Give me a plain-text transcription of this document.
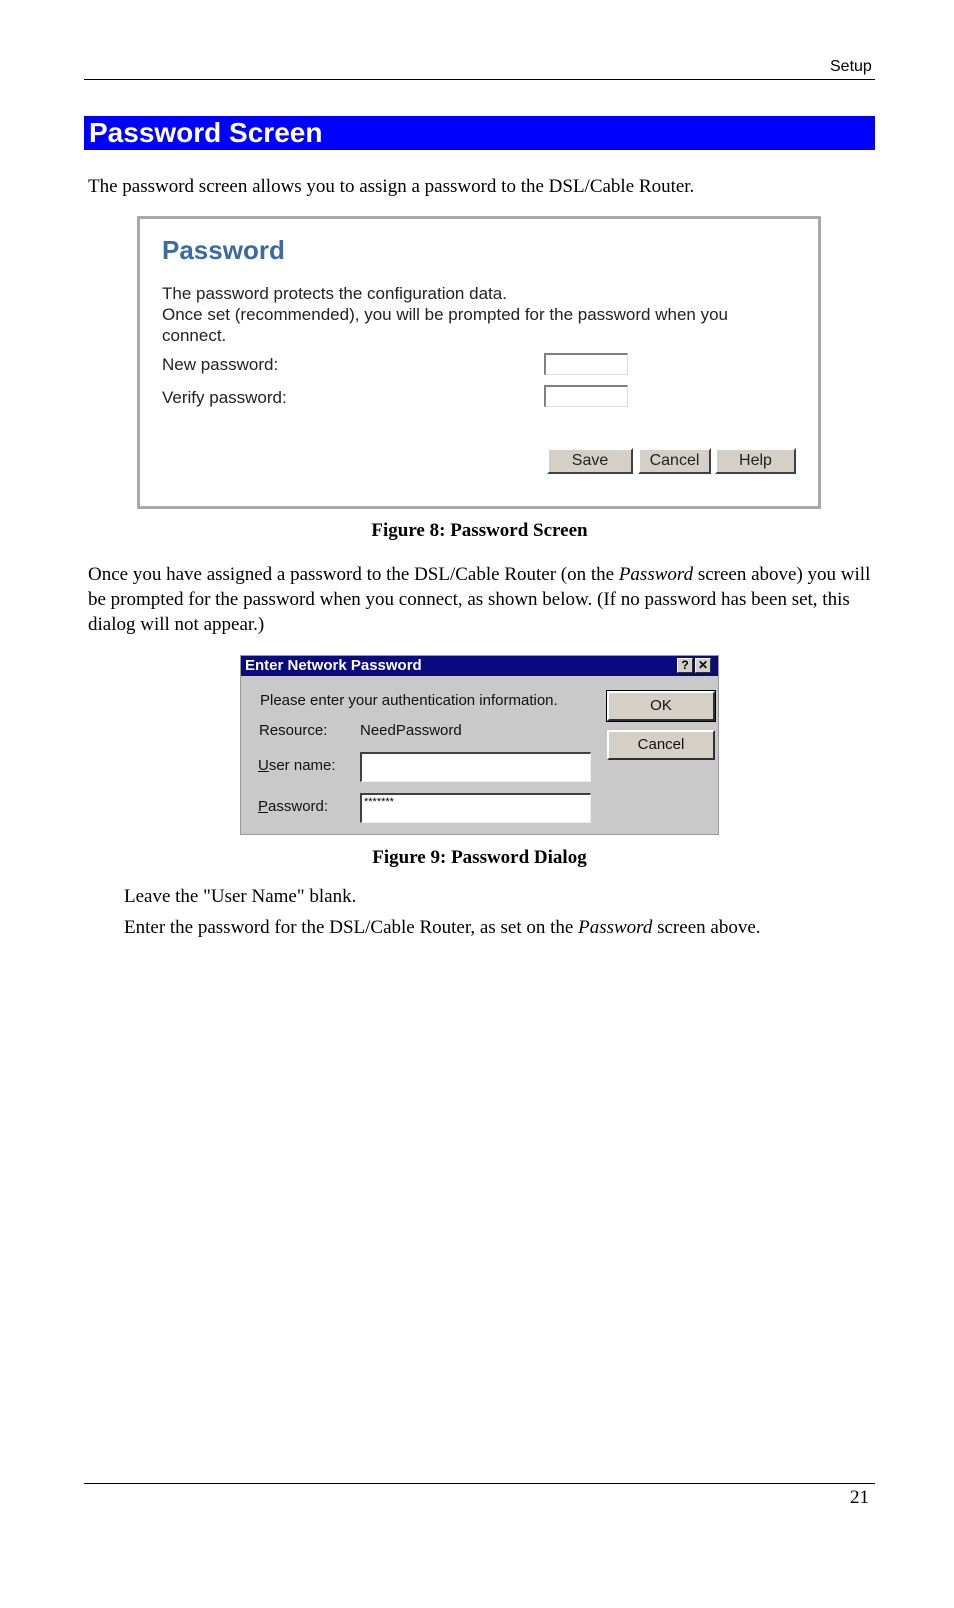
Setup
Password Screen
The password screen allows you to assign a password to the DSL/Cable Router.
Password
The password protects the configuration data.
Once set (recommended), you will be prompted for the password when you connect.
New password:
Verify password:
Save	Cancel	Help
Figure 8: Password Screen
Once you have assigned a password to the DSL/Cable Router (on the Password screen above) you will be prompted for the password when you connect, as shown below. (If no password has been set, this dialog will not appear.)
Enter Network Password	? ✕
Please enter your authentication information.
Resource: NeedPassword
User name:
Password:	*******
OK
Cancel
Figure 9: Password Dialog
Leave the "User Name" blank.
Enter the password for the DSL/Cable Router, as set on the Password screen above.
21
